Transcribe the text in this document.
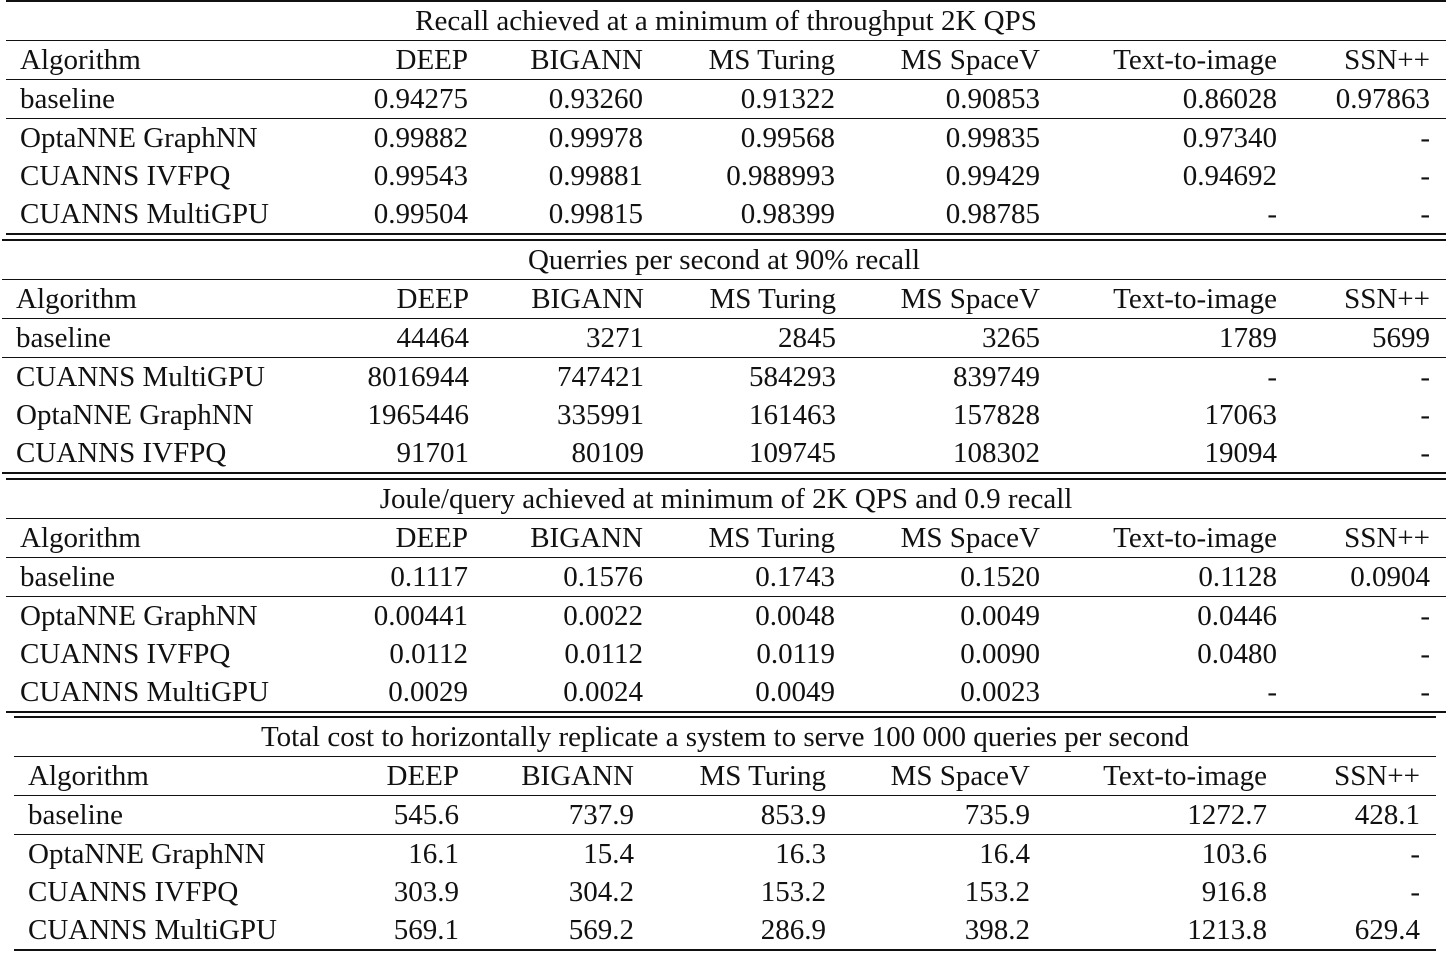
Recall achieved at a minimum of throughput 2K QPS						
Algorithm	DEEP	BIGANN	MS Turing	MS SpaceV	Text-to-image	SSN++
baseline	0.94275	0.93260	0.91322	0.90853	0.86028	0.97863
OptaNNE GraphNN	0.99882	0.99978	0.99568	0.99835	0.97340	-
CUANNS IVFPQ	0.99543	0.99881	0.988993	0.99429	0.94692	-
CUANNS MultiGPU	0.99504	0.99815	0.98399	0.98785	-	-
Querries per second at 90% recall						
Algorithm	DEEP	BIGANN	MS Turing	MS SpaceV	Text-to-image	SSN++
baseline	44464	3271	2845	3265	1789	5699
CUANNS MultiGPU	8016944	747421	584293	839749	-	-
OptaNNE GraphNN	1965446	335991	161463	157828	17063	-
CUANNS IVFPQ	91701	80109	109745	108302	19094	-
Joule/query achieved at minimum of 2K QPS and 0.9 recall						
Algorithm	DEEP	BIGANN	MS Turing	MS SpaceV	Text-to-image	SSN++
baseline	0.1117	0.1576	0.1743	0.1520	0.1128	0.0904
OptaNNE GraphNN	0.00441	0.0022	0.0048	0.0049	0.0446	-
CUANNS IVFPQ	0.0112	0.0112	0.0119	0.0090	0.0480	-
CUANNS MultiGPU	0.0029	0.0024	0.0049	0.0023	-	-
Total cost to horizontally replicate a system to serve 100 000 queries per second						
Algorithm	DEEP	BIGANN	MS Turing	MS SpaceV	Text-to-image	SSN++
baseline	545.6	737.9	853.9	735.9	1272.7	428.1
OptaNNE GraphNN	16.1	15.4	16.3	16.4	103.6	-
CUANNS IVFPQ	303.9	304.2	153.2	153.2	916.8	-
CUANNS MultiGPU	569.1	569.2	286.9	398.2	1213.8	629.4
